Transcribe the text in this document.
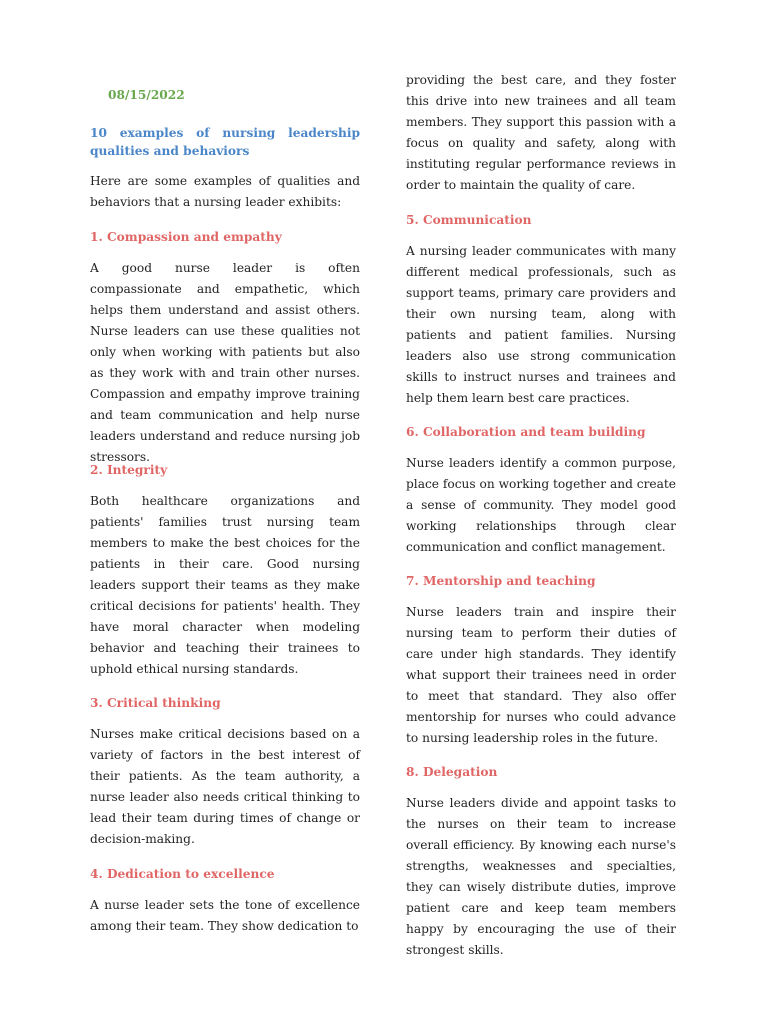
08/15/2022
10 examples of nursing leadership qualities and behaviors

Here are some examples of qualities and behaviors that a nursing leader exhibits:

1. Compassion and empathy

A good nurse leader is often compassionate and empathetic, which helps them understand and assist others. Nurse leaders can use these qualities not only when working with patients but also as they work with and train other nurses. Compassion and empathy improve training and team communication and help nurse leaders understand and reduce nursing job stressors.

2. Integrity

Both healthcare organizations and patients' families trust nursing team members to make the best choices for the patients in their care. Good nursing leaders support their teams as they make critical decisions for patients' health. They have moral character when modeling behavior and teaching their trainees to uphold ethical nursing standards.

3. Critical thinking

Nurses make critical decisions based on a variety of factors in the best interest of their patients. As the team authority, a nurse leader also needs critical thinking to lead their team during times of change or decision-making.

4. Dedication to excellence

A nurse leader sets the tone of excellence among their team. They show dedication to

providing the best care, and they foster this drive into new trainees and all team members. They support this passion with a focus on quality and safety, along with instituting regular performance reviews in order to maintain the quality of care.

5. Communication

A nursing leader communicates with many different medical professionals, such as support teams, primary care providers and their own nursing team, along with patients and patient families. Nursing leaders also use strong communication skills to instruct nurses and trainees and help them learn best care practices.

6. Collaboration and team building

Nurse leaders identify a common purpose, place focus on working together and create a sense of community. They model good working relationships through clear communication and conflict management.

7. Mentorship and teaching

Nurse leaders train and inspire their nursing team to perform their duties of care under high standards. They identify what support their trainees need in order to meet that standard. They also offer mentorship for nurses who could advance to nursing leadership roles in the future.

8. Delegation

Nurse leaders divide and appoint tasks to the nurses on their team to increase overall efficiency. By knowing each nurse's strengths, weaknesses and specialties, they can wisely distribute duties, improve patient care and keep team members happy by encouraging the use of their strongest skills.
